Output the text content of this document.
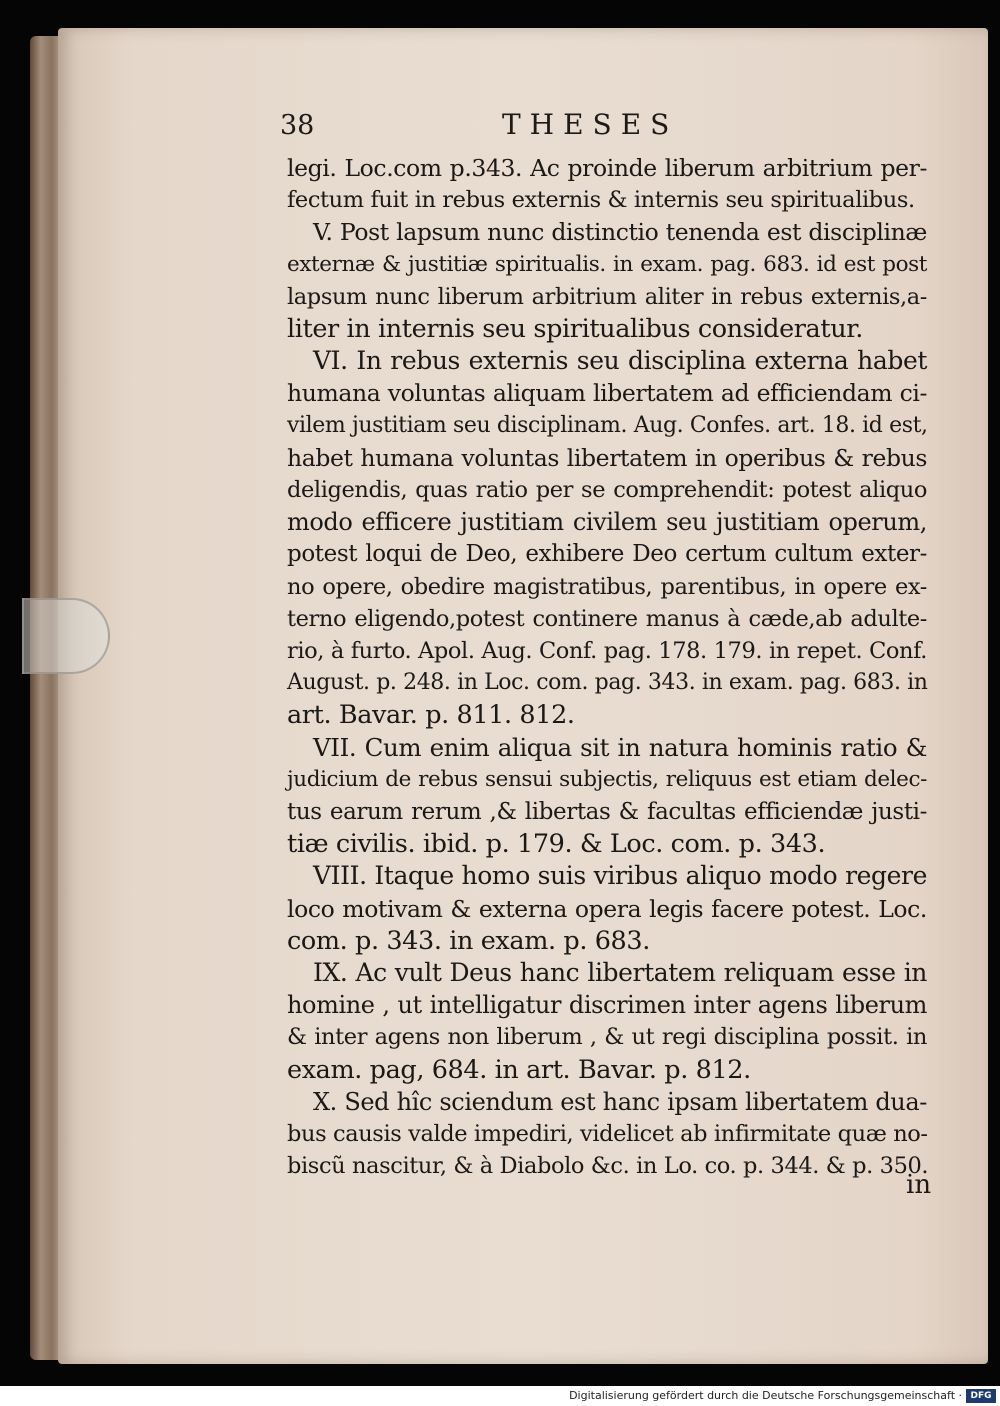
38	THESES

legi. Loc.com p.343. Ac proinde liberum arbitrium per-

fectum fuit in rebus externis & internis seu spiritualibus.

V. Post lapsum nunc distinctio tenenda est disciplinæ

externæ & justitiæ spiritualis. in exam. pag. 683. id est post

lapsum nunc liberum arbitrium aliter in rebus externis,a-

liter in internis seu spiritualibus consideratur.

VI. In rebus externis seu disciplina externa habet

humana voluntas aliquam libertatem ad efficiendam ci-

vilem justitiam seu disciplinam. Aug. Confes. art. 18. id est,

habet humana voluntas libertatem in operibus & rebus

deligendis, quas ratio per se comprehendit: potest aliquo

modo efficere justitiam civilem seu justitiam operum,

potest loqui de Deo, exhibere Deo certum cultum exter-

no opere, obedire magistratibus, parentibus, in opere ex-

terno eligendo,potest continere manus à cæde,ab adulte-

rio, à furto. Apol. Aug. Conf. pag. 178. 179. in repet. Conf.

August. p. 248. in Loc. com. pag. 343. in exam. pag. 683. in

art. Bavar. p. 811. 812.

VII. Cum enim aliqua sit in natura hominis ratio &

judicium de rebus sensui subjectis, reliquus est etiam delec-

tus earum rerum ,& libertas & facultas efficiendæ justi-

tiæ civilis. ibid. p. 179. & Loc. com. p. 343.

VIII. Itaque homo suis viribus aliquo modo regere

loco motivam & externa opera legis facere potest. Loc.

com. p. 343. in exam. p. 683.

IX. Ac vult Deus hanc libertatem reliquam esse in

homine , ut intelligatur discrimen inter agens liberum

& inter agens non liberum , & ut regi disciplina possit. in

exam. pag, 684. in art. Bavar. p. 812.

X. Sed hîc sciendum est hanc ipsam libertatem dua-

bus causis valde impediri, videlicet ab infirmitate quæ no-

biscũ nascitur, & à Diabolo &c. in Lo. co. p. 344. & p. 350.

in
Digitalisierung gefördert durch die Deutsche Forschungsgemeinschaft · DFG
